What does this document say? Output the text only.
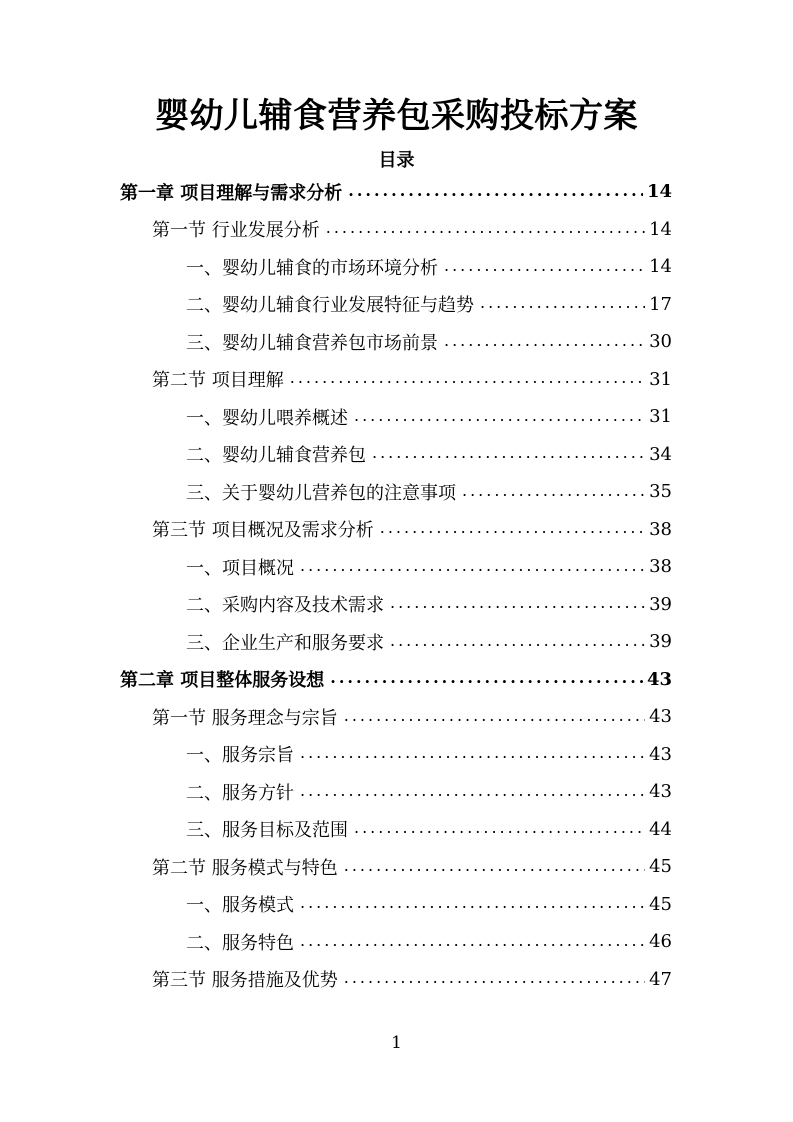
婴幼儿辅食营养包采购投标方案
目录
第一章 项目理解与需求分析 .....	14
第一节 行业发展分析 .....	14
一、婴幼儿辅食的市场环境分析 .....	14
二、婴幼儿辅食行业发展特征与趋势 .....	17
三、婴幼儿辅食营养包市场前景 .....	30
第二节 项目理解 .....	31
一、婴幼儿喂养概述 .....	31
二、婴幼儿辅食营养包 .....	34
三、关于婴幼儿营养包的注意事项 .....	35
第三节 项目概况及需求分析 .....	38
一、项目概况 .....	38
二、采购内容及技术需求 .....	39
三、企业生产和服务要求 .....	39
第二章 项目整体服务设想 .....	43
第一节 服务理念与宗旨 .....	43
一、服务宗旨 .....	43
二、服务方针 .....	43
三、服务目标及范围 .....	44
第二节 服务模式与特色 .....	45
一、服务模式 .....	45
二、服务特色 .....	46
第三节 服务措施及优势 .....	47
1
